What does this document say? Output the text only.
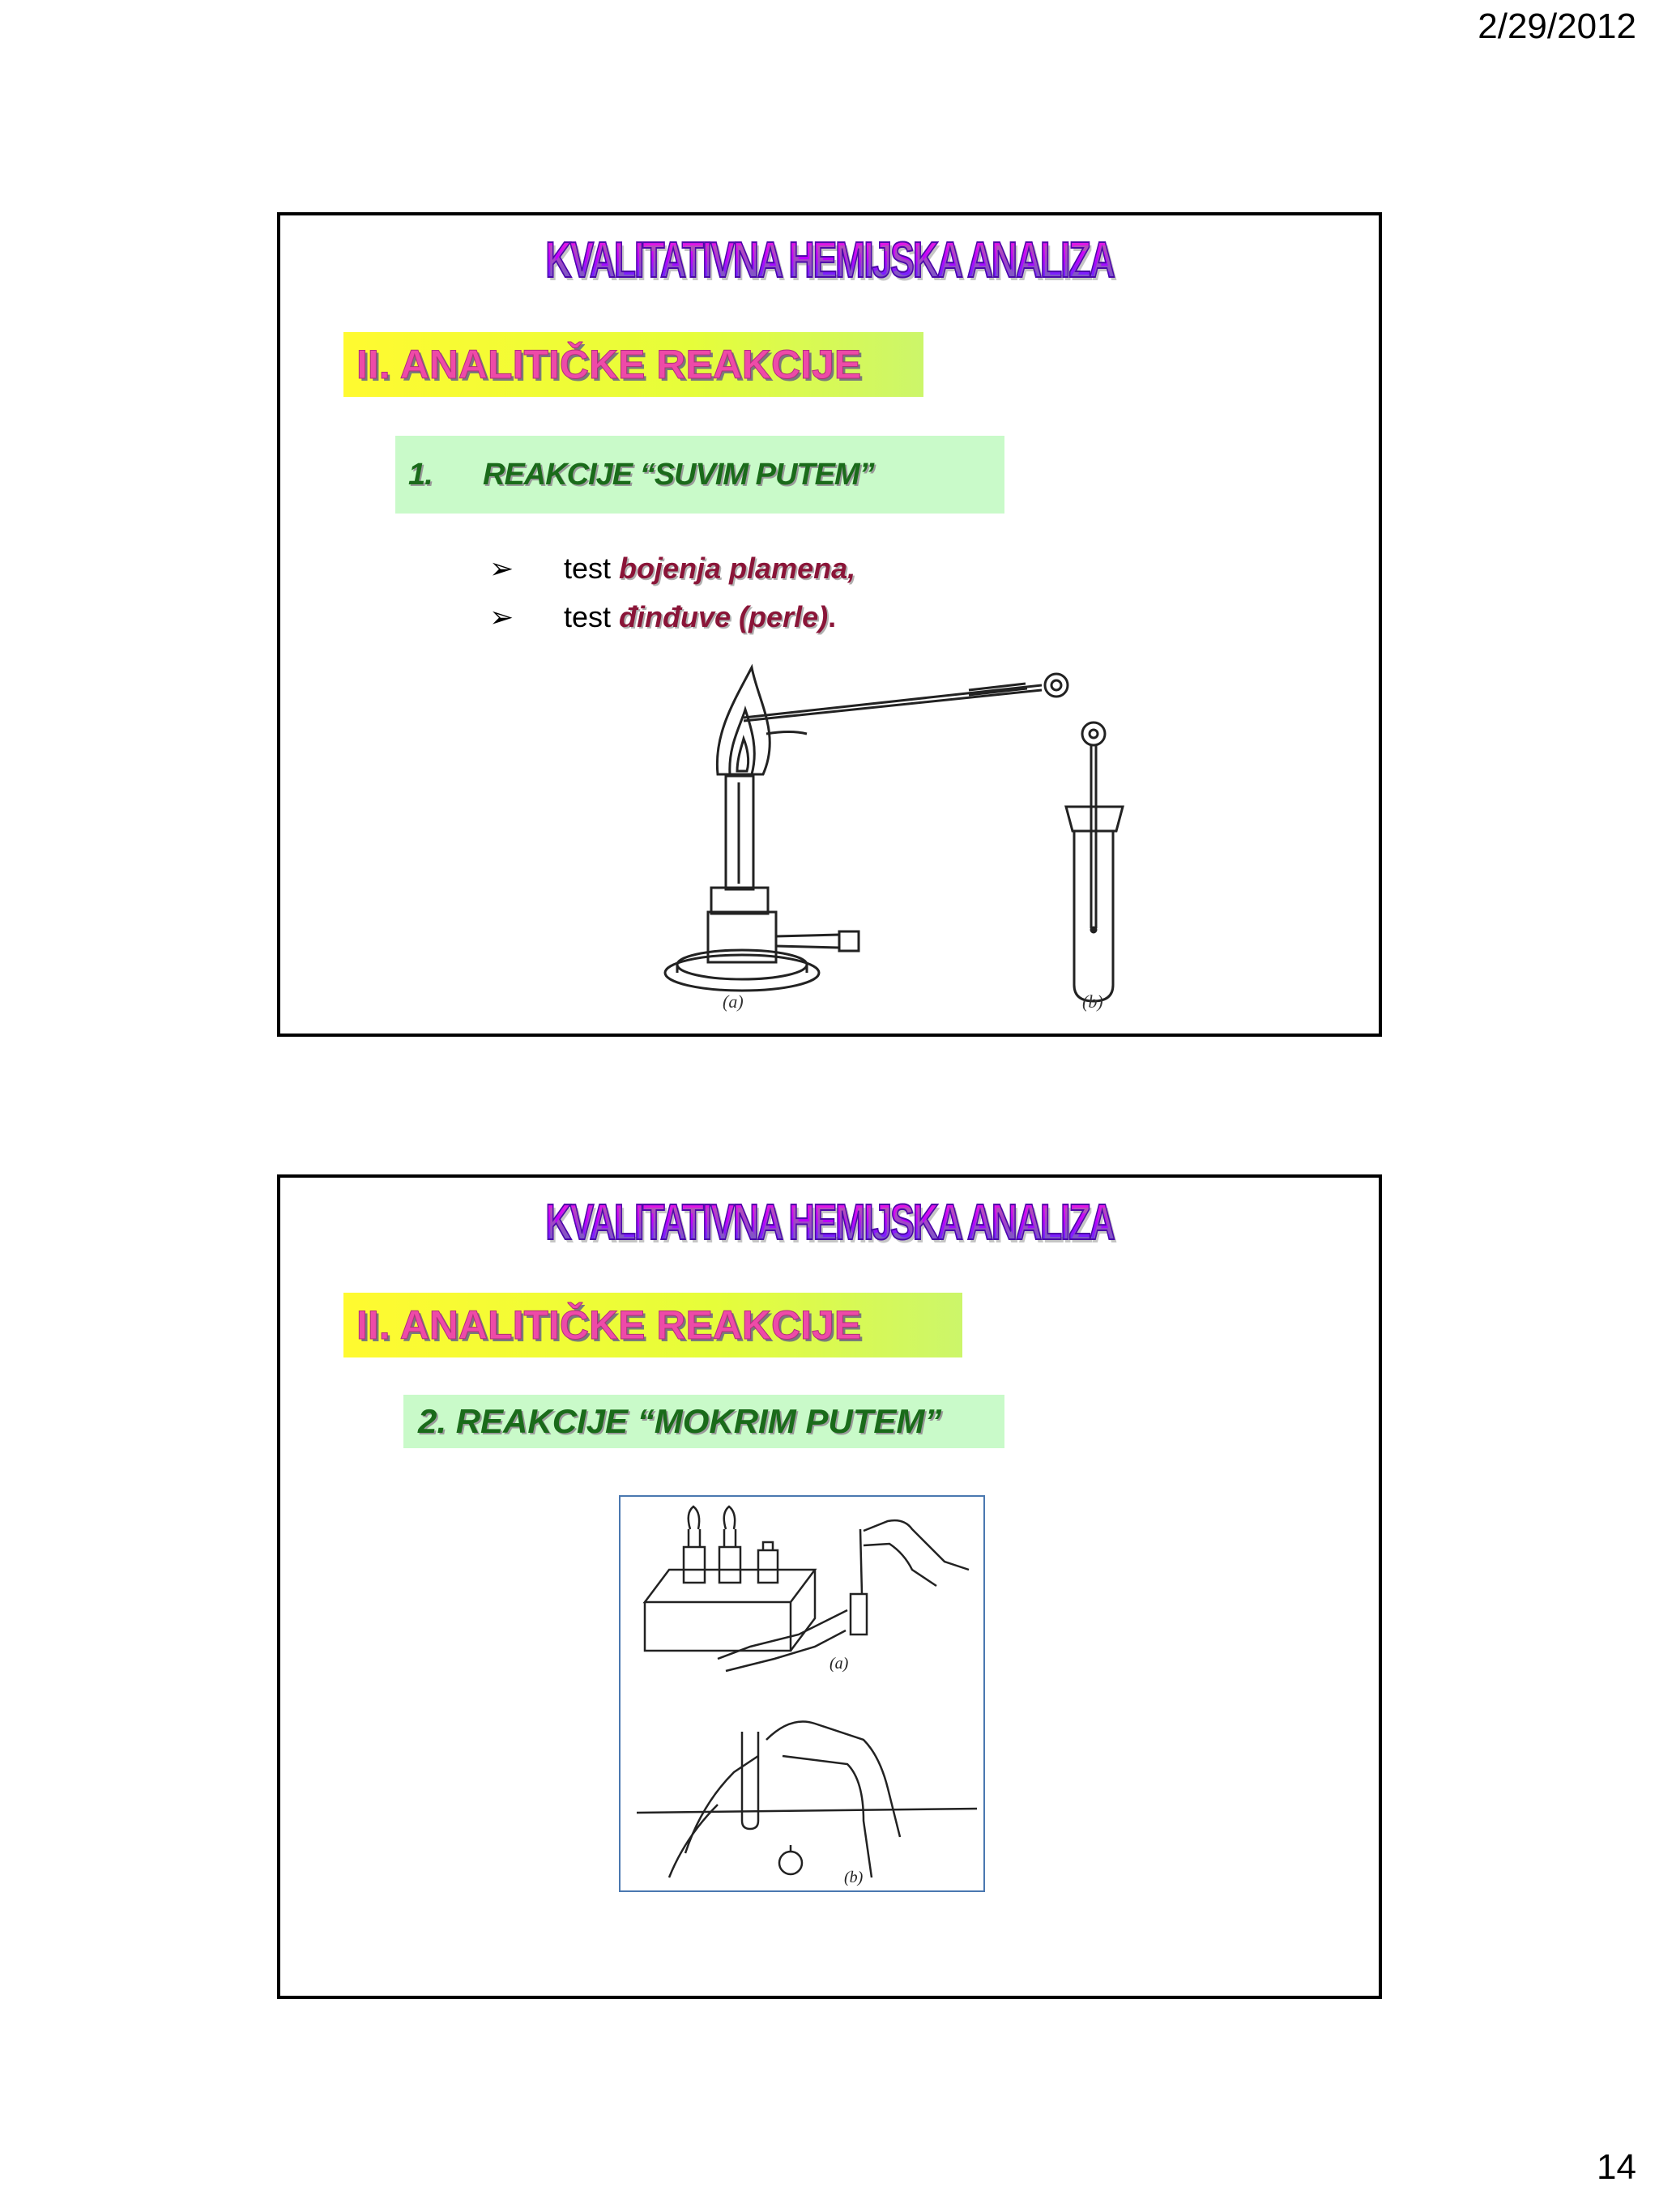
2/29/2012
KVALITATIVNA HEMIJSKA ANALIZA
II. ANALITIČKE REAKCIJE
1. REAKCIJE “SUVIM PUTEM”
➢	test
bojenja plamena,
➢	test
đinđuve (perle) .
(a)	(b)
KVALITATIVNA HEMIJSKA ANALIZA
II. ANALITIČKE REAKCIJE
2. REAKCIJE “MOKRIM PUTEM”
(a)
(b)
14
